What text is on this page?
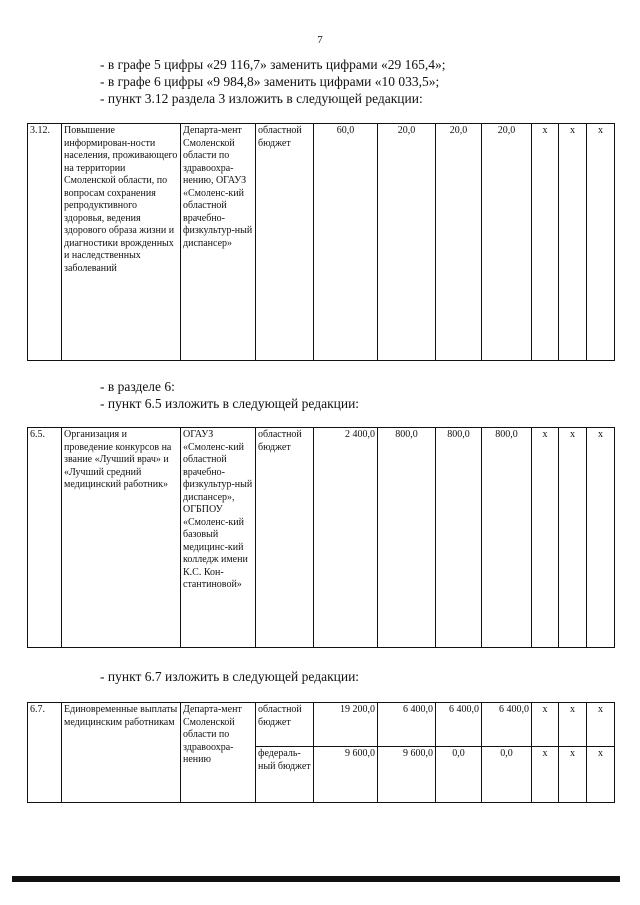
7
- в графе 5 цифры «29 116,7» заменить цифрами «29 165,4»;
- в графе 6 цифры «9 984,8» заменить цифрами «10 033,5»;
- пункт 3.12 раздела 3 изложить в следующей редакции:
3.12.	Повышение информирован-ности населения, проживающего на территории Смоленской области, по вопросам сохранения репродуктивного здоровья, ведения здорового образа жизни и диагностики врожденных и наследственных заболеваний	Департа-мент Смоленской области по здравоохра-нению, ОГАУЗ «Смоленс-кий областной врачебно-физкультур-ный диспансер»	областной бюджет	60,0	20,0	20,0	20,0	х	х	х
- в разделе 6:
- пункт 6.5 изложить в следующей редакции:
6.5.	Организация и проведение конкурсов на звание «Лучший врач» и «Лучший средний медицинский работник»	ОГАУЗ «Смоленс-кий областной врачебно-физкультур-ный диспансер», ОГБПОУ «Смоленс-кий базовый медицинс-кий колледж имени К.С. Кон-стантиновой»	областной бюджет	2 400,0	800,0	800,0	800,0	х	х	х
- пункт 6.7 изложить в следующей редакции:
6.7.	Единовременные выплаты медицинским работникам	Департа-мент Смоленской области по здравоохра-нению	областной бюджет	19 200,0	6 400,0	6 400,0	6 400,0	х	х	х
			федераль-ный бюджет	9 600,0	9 600,0	0,0	0,0	х	х	х
